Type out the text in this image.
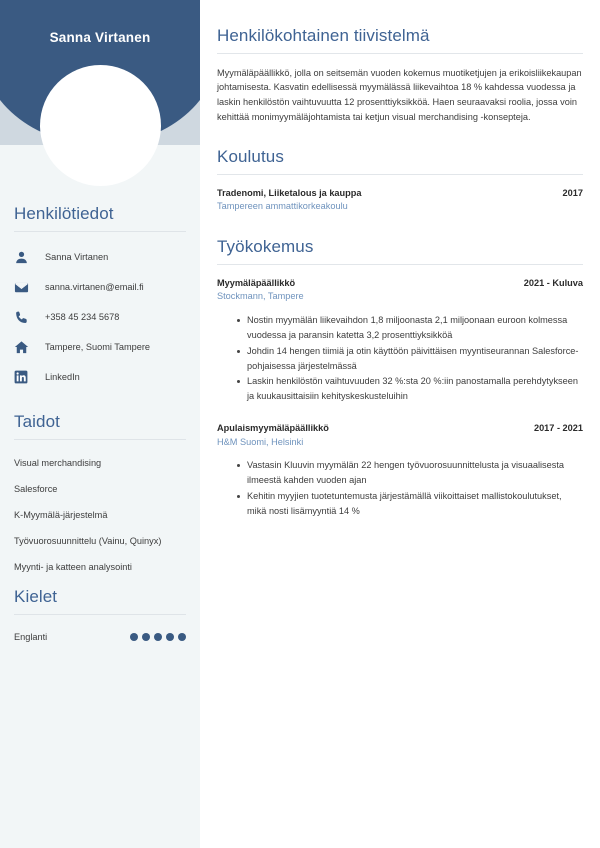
Sanna Virtanen
Henkilötiedot
Sanna Virtanen
sanna.virtanen@email.fi
+358 45 234 5678
Tampere, Suomi Tampere
LinkedIn
Taidot
Visual merchandising
Salesforce
K-Myymälä-järjestelmä
Työvuorosuunnittelu (Vainu, Quinyx)
Myynti- ja katteen analysointi
Kielet
Englanti
Henkilökohtainen tiivistelmä

Myymäläpäällikkö, jolla on seitsemän vuoden kokemus muotiketjujen ja erikoisliikekaupan johtamisesta. Kasvatin edellisessä myymälässä liikevaihtoa 18 % kahdessa vuodessa ja laskin henkilöstön vaihtuvuutta 12 prosenttiyksikköä. Haen seuraavaksi roolia, jossa voin kehittää monimyymäläjohtamista tai ketjun visual merchandising -konsepteja.

Koulutus
Tradenomi, Liiketalous ja kauppa	2017
Tampereen ammattikorkeakoulu
Työkokemus
Myymäläpäällikkö	2021 - Kuluva
Stockmann, Tampere
Nostin myymälän liikevaihdon 1,8 miljoonasta 2,1 miljoonaan euroon kolmessa vuodessa ja paransin katetta 3,2 prosenttiyksikköä
Johdin 14 hengen tiimiä ja otin käyttöön päivittäisen myyntiseurannan Salesforce-pohjaisessa järjestelmässä
Laskin henkilöstön vaihtuvuuden 32 %:sta 20 %:iin panostamalla perehdytykseen ja kuukausittaisiin kehityskeskusteluihin
Apulaismyymäläpäällikkö	2017 - 2021
H&M Suomi, Helsinki
Vastasin Kluuvin myymälän 22 hengen työvuorosuunnittelusta ja visuaalisesta ilmeestä kahden vuoden ajan
Kehitin myyjien tuotetuntemusta järjestämällä viikoittaiset mallistokoulutukset, mikä nosti lisämyyntiä 14 %
